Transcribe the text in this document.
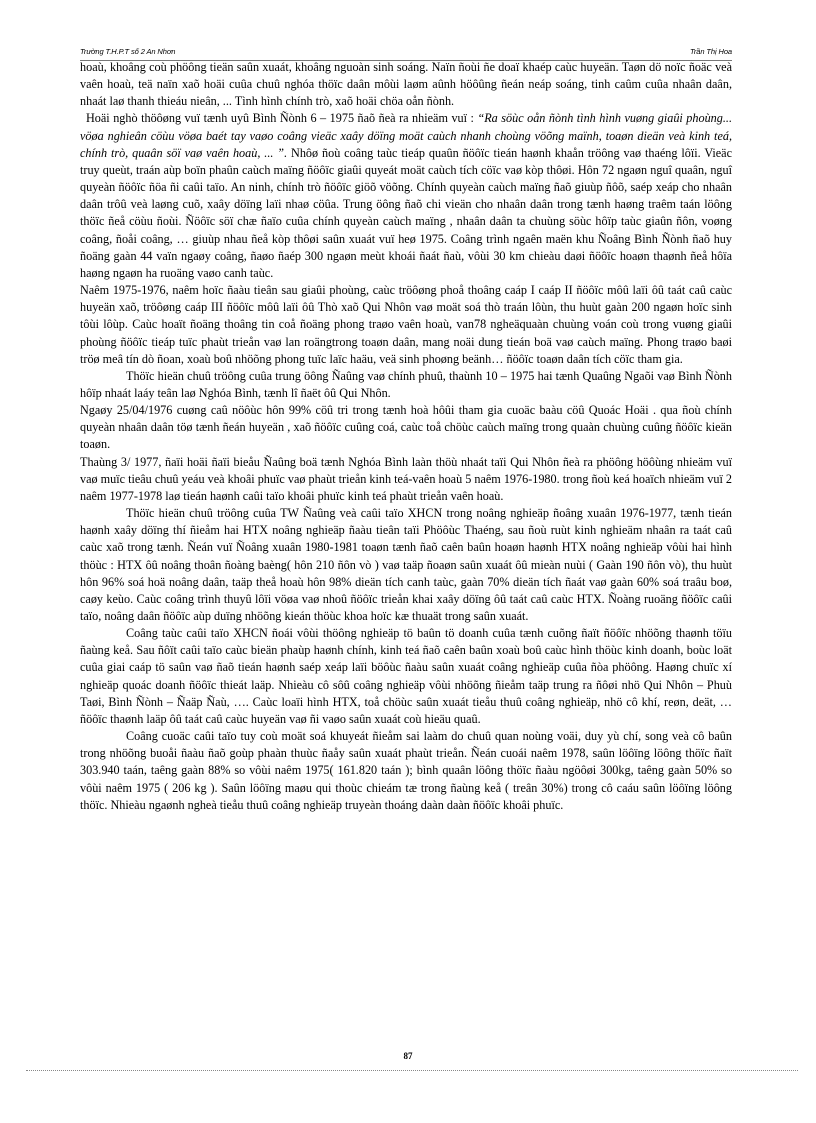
Trường T.H.P.T số 2 An Nhơn	Trần Thị Hoa

hoaù, khoâng coù phöông tieän saûn xuaát, khoâng nguoàn sinh soáng. Naïn ñoùi ñe doaï khaép caùc huyeän. Taøn dö noïc ñoäc veà vaên hoaù, teä naïn xaõ hoäi cuûa chuû nghóa thöïc daân môùi laøm aûnh höôûng ñeán neáp soáng, tinh caûm cuûa nhaân daân, nhaát laø thanh thieáu nieân, ... Tình hình chính trò, xaõ hoäi chöa oån ñònh.

Hoäi nghò thöôøng vuï tænh uyû Bình Ñònh 6 – 1975 ñaõ ñeà ra nhieäm vuï : “Ra söùc oån ñònh tình hình vuøng giaûi phoùng... vöøa nghieân cöùu vöøa baét tay vaøo coâng vieäc xaây döïng moät caùch nhanh choùng vöõng maïnh, toaøn dieän veà kinh teá, chính trò, quaân söï vaø vaên hoaù, ... ”. Nhôø ñoù coâng taùc tieáp quaûn ñöôïc tieán haønh khaån tröông vaø thaéng lôïi. Vieäc truy queùt, traán aùp boïn phaûn caùch maïng ñöôïc giaûi quyeát moät caùch tích cöïc vaø kòp thôøi. Hôn 72 ngaøn nguî quaân, nguî quyeàn ñöôïc ñöa ñi caûi taïo. An ninh, chính trò ñöôïc giöõ vöõng. Chính quyeàn caùch maïng ñaõ giuùp ñôõ, saép xeáp cho nhaân daân trôû veà laøng cuõ, xaây döïng laïi nhaø cöûa. Trung öông ñaõ chi vieän cho nhaân daân trong tænh haøng traêm taán löông thöïc ñeå cöùu ñoùi. Ñöôïc söï chæ ñaïo cuûa chính quyeàn caùch maïng , nhaân daân ta chuùng söùc hôïp taùc giaûn ñôn, voøng coâng, ñoåi coâng, … giuùp nhau ñeå kòp thôøi saûn xuaát vuï heø 1975. Coâng trình ngaên maën khu Ñoâng Bình Ñònh ñaõ huy ñoäng gaàn 44 vaïn ngaøy coâng, ñaøo ñaép 300 ngaøn meùt khoái ñaát ñaù, vôùi 30 km chieàu daøi ñöôïc hoaøn thaønh ñeå hôïa haøng ngaøn ha ruoäng vaøo canh taùc.

Naêm 1975-1976, naêm hoïc ñaàu tieân sau giaûi phoùng, caùc tröôøng phoå thoâng caáp I caáp II ñöôïc môû laïi ôû taát caû caùc huyeän xaõ, tröôøng caáp III ñöôïc môû laïi ôû Thò xaõ Qui Nhôn vaø moät soá thò traán lôùn, thu huùt gaàn 200 ngaøn hoïc sinh tôùi lôùp. Caùc hoaït ñoäng thoâng tin coå ñoäng phong traøo vaên hoaù, van78 ngheäquaàn chuùng voán coù trong vuøng giaûi phoùng ñöôïc tieáp tuïc phaùt trieån vaø lan roängtrong toaøn daân, mang noäi dung tieán boä vaø caùch maïng. Phong traøo baøi tröø meâ tín dò ñoan, xoaù boû nhöõng phong tuïc laïc haäu, veä sinh phoøng beänh… ñöôïc toaøn daân tích cöïc tham gia.

Thöïc hieän chuû tröông cuûa trung öông Ñaûng vaø chính phuû, thaùnh 10 – 1975 hai tænh Quaûng Ngaõi vaø Bình Ñònh hôïp nhaát laáy teân laø Nghóa Bình, tænh lî ñaët ôû Qui Nhôn.

Ngaøy 25/04/1976 cuøng caû nöôùc hôn 99% cöû tri trong tænh hoà hôûi tham gia cuoäc baàu cöû Quoác Hoäi . qua ñoù chính quyeàn nhaân daân töø tænh ñeán huyeän , xaõ ñöôïc cuûng coá, caùc toå chöùc caùch maïng trong quaàn chuùng cuûng ñöôïc kieän toaøn.

Thaùng 3/ 1977, ñaïi hoäi ñaïi bieåu Ñaûng boä tænh Nghóa Bình laàn thöù nhaát taïi Qui Nhôn ñeà ra phöông höôùng nhieäm vuï vaø muïc tieâu chuû yeáu veà khoâi phuïc vaø phaùt trieån kinh teá-vaên hoaù 5 naêm 1976-1980. trong ñoù keá hoaïch nhieäm vuï 2 naêm 1977-1978 laø tieán haønh caûi taïo khoâi phuïc kinh teá phaùt trieån vaên hoaù.

Thöïc hieän chuû tröông cuûa TW Ñaûng veà caûi taïo XHCN trong noâng nghieäp ñoâng xuaân 1976-1977, tænh tieán haønh xaây döïng thí ñieåm hai HTX noâng nghieäp ñaàu tieân taïi Phöôùc Thaéng, sau ñoù ruùt kinh nghieäm nhaân ra taát caû caùc xaõ trong tænh. Ñeán vuï Ñoâng xuaân 1980-1981 toaøn tænh ñaõ caên baûn hoaøn haønh HTX noâng nghieäp vôùi hai hình thöùc : HTX ôû noâng thoân ñoàng baèng( hôn 210 ñôn vò ) vaø taäp ñoaøn saûn xuaát ôû mieàn nuùi ( Gaàn 190 ñôn vò), thu huùt hôn 96% soá hoä noâng daân, taäp theå hoaù hôn 98% dieän tích canh taùc, gaàn 70% dieän tích ñaát vaø gaàn 60% soá traâu boø, caøy keùo. Caùc coâng trình thuyû lôïi vöøa vaø nhoû ñöôïc trieån khai xaây döïng ôû taát caû caùc HTX. Ñoàng ruoäng ñöôïc caûi taïo, noâng daân ñöôïc aùp duïng nhöõng kieán thöùc khoa hoïc kæ thuaät trong saûn xuaát.

Coâng taùc caûi taïo XHCN ñoái vôùi thöông nghieäp tö baûn tö doanh cuûa tænh cuõng ñaït ñöôïc nhöõng thaønh töïu ñaùng keå. Sau ñôït caûi taïo caùc bieän phaùp haønh chính, kinh teá ñaõ caên baûn xoaù boû caùc hình thöùc kinh doanh, boùc loät cuûa giai caáp tö saûn vaø ñaõ tieán haønh saép xeáp laïi böôùc ñaàu saûn xuaát coâng nghieäp cuûa ñòa phöông. Haøng chuïc xí nghieäp quoác doanh ñöôïc thieát laäp. Nhieàu cô sôû coâng nghieäp vôùi nhöõng ñieåm taäp trung ra ñôøi nhö Qui Nhôn – Phuù Taøi, Bình Ñònh – Ñaäp Ñaù, …. Caùc loaïi hình HTX, toå chöùc saûn xuaát tieåu thuû coâng nghieäp, nhö cô khí, reøn, deät, …ñöôïc thaønh laäp ôû taát caû caùc huyeän vaø ñi vaøo saûn xuaát coù hieäu quaû.

Coâng cuoäc caûi taïo tuy coù moät soá khuyeát ñieåm sai laàm do chuû quan noùng voäi, duy yù chí, song veà cô baûn trong nhöõng buoåi ñaàu ñaõ goùp phaàn thuùc ñaåy saûn xuaát phaùt trieån. Ñeán cuoái naêm 1978, saûn löôïng löông thöïc ñaït 303.940 taán, taêng gaàn 88% so vôùi naêm 1975( 161.820 taán ); bình quaân löông thöïc ñaàu ngöôøi 300kg, taêng gaàn 50% so vôùi naêm 1975 ( 206 kg ). Saûn löôïng maøu qui thoùc chieám tæ trong ñaùng keå ( treân 30%) trong cô caáu saûn löôïng löông thöïc. Nhieàu ngaønh ngheà tieåu thuû coâng nghieäp truyeàn thoáng daàn daàn ñöôïc khoâi phuïc.

87
